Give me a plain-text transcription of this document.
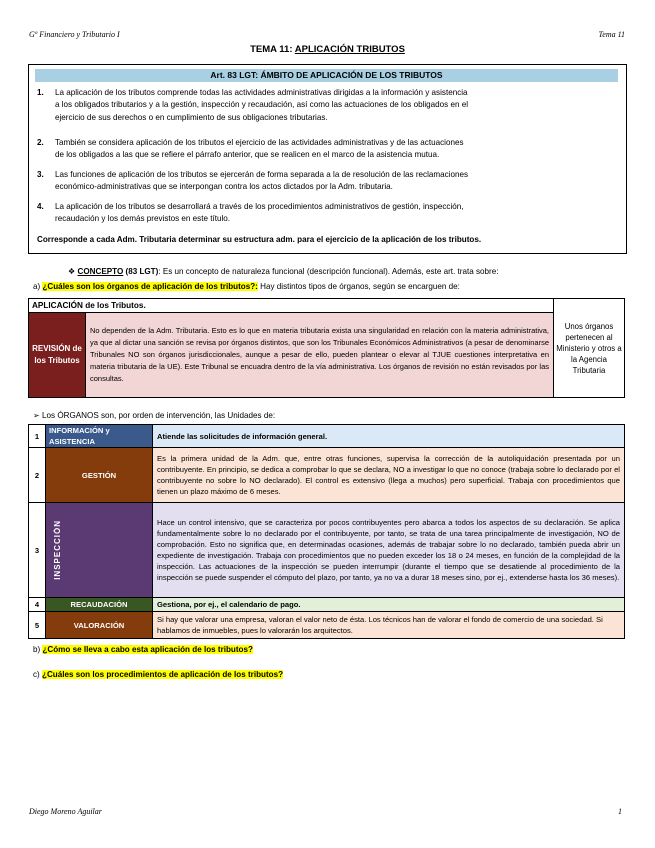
Gº Financiero y Tributario I	Tema 11
TEMA 11: APLICACIÓN TRIBUTOS
Art. 83 LGT: ÁMBITO DE APLICACIÓN DE LOS TRIBUTOS
1. La aplicación de los tributos comprende todas las actividades administrativas dirigidas a la información y asistencia
a los obligados tributarios y a la gestión, inspección y recaudación, así como las actuaciones de los obligados en el
ejercicio de sus derechos o en cumplimiento de sus obligaciones tributarias.
2. También se considera aplicación de los tributos el ejercicio de las actividades administrativas y de las actuaciones
de los obligados a las que se refiere el párrafo anterior, que se realicen en el marco de la asistencia mutua.
3. Las funciones de aplicación de los tributos se ejercerán de forma separada a la de resolución de las reclamaciones
económico-administrativas que se interpongan contra los actos dictados por la Adm. tributaria.
4. La aplicación de los tributos se desarrollará a través de los procedimientos administrativos de gestión, inspección,
recaudación y los demás previstos en este título.
Corresponde a cada Adm. Tributaria determinar su estructura adm. para el ejercicio de la aplicación de los tributos.
❖ CONCEPTO (83 LGT): Es un concepto de naturaleza funcional (descripción funcional). Además, este art. trata sobre:
a) ¿Cuáles son los órganos de aplicación de los tributos?: Hay distintos tipos de órganos, según se encarguen de:
APLICACIÓN de los Tributos.		Unos órganos pertenecen al Ministerio y otros a la Agencia Tributaria
REVISIÓN de los Tributos	No dependen de la Adm. Tributaria. Esto es lo que en materia tributaria exista una singularidad en relación con la materia administrativa, ya que al dictar una sanción se revisa por órganos distintos, que son los Tribunales Económicos Administrativos (a pesar de denominarse Tribunales NO son órganos jurisdiccionales, aunque a pesar de ello, pueden plantear o elevar al TJUE cuestiones interpretativa en materia tributaria de la UE). Este Tribunal se encuadra dentro de la vía administrativa. Los órganos de revisión no están revisados por las consultas.	
➢ Los ÓRGANOS son, por orden de intervención, las Unidades de:
1	INFORMACIÓN y ASISTENCIA	Atiende las solicitudes de información general.
2	GESTIÓN	Es la primera unidad de la Adm. que, entre otras funciones, supervisa la corrección de la autoliquidación presentada por un contribuyente. En principio, se dedica a comprobar lo que se declara, NO a investigar lo que no conoce (trabaja sobre lo declarado por el contribuyente no sobre lo NO declarado). El control es extensivo (llega a muchos) pero superficial. Trabaja con procedimientos que tienen un plazo máximo de 6 meses.
3	INSPECCIÓN	Hace un control intensivo, que se caracteriza por pocos contribuyentes pero abarca a todos los aspectos de su declaración. Se aplica fundamentalmente sobre lo no declarado por el contribuyente, por tanto, se trata de una tarea principalmente de investigación, NO de comprobación. Esto no significa que, en determinadas ocasiones, además de trabajar sobre lo no declarado, también pueda abrir un expediente de investigación. Trabaja con procedimientos que no pueden exceder los 18 o 24 meses, en función de la complejidad de la inspección. Las actuaciones de la inspección se pueden interrumpir (durante el tiempo que se desatiende al procedimiento de la inspección se puede suspender el cómputo del plazo, por tanto, ya no va a durar 18 meses sino, por ej., extenderse hasta los 36 meses).
4	RECAUDACIÓN	Gestiona, por ej., el calendario de pago.
5	VALORACIÓN	Si hay que valorar una empresa, valoran el valor neto de ésta. Los técnicos han de valorar el fondo de comercio de una sociedad. Si hablamos de inmuebles, pues lo valorarán los arquitectos.
b) ¿Cómo se lleva a cabo esta aplicación de los tributos?
c) ¿Cuáles son los procedimientos de aplicación de los tributos?
Diego Moreno Aguilar	1
